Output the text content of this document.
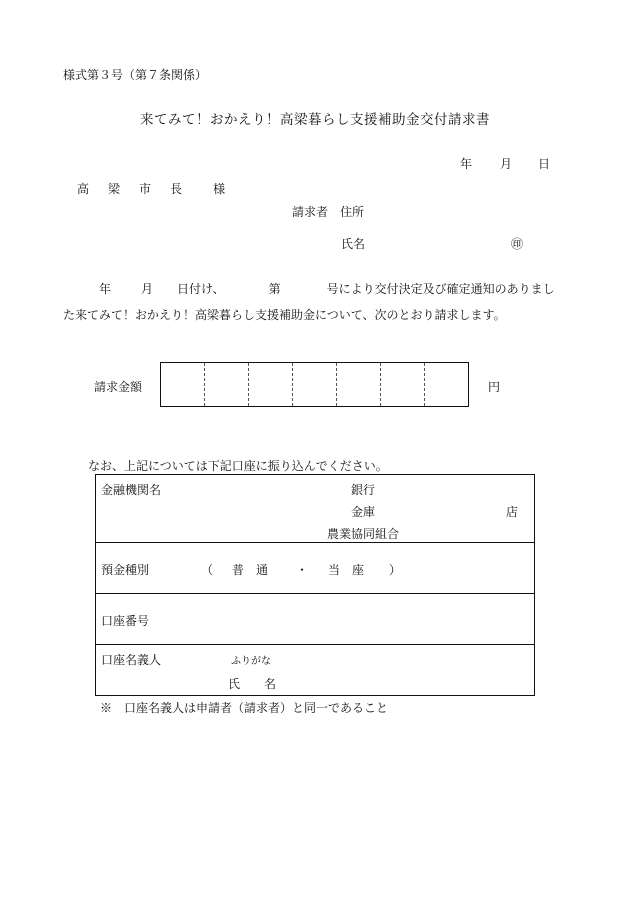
様式第３号（第７条関係）
来てみて！おかえり！高梁暮らし支援補助金交付請求書
年 月 日
高 梁 市 長	様
請求者　住所
氏名	㊞
年	月 日付け、	第	号により交付決定及び確定通知のありまし
た来てみて！おかえり！高梁暮らし支援補助金について、次のとおり請求します。
請求金額	円
なお、上記については下記口座に振り込んでください。
金融機関名	銀行
金庫	店
農業協同組合
預金種別	（ 普　通 ・ 当　座 ）
口座番号
口座名義人	ふりがな
氏　　名
※　口座名義人は申請者（請求者）と同一であること
